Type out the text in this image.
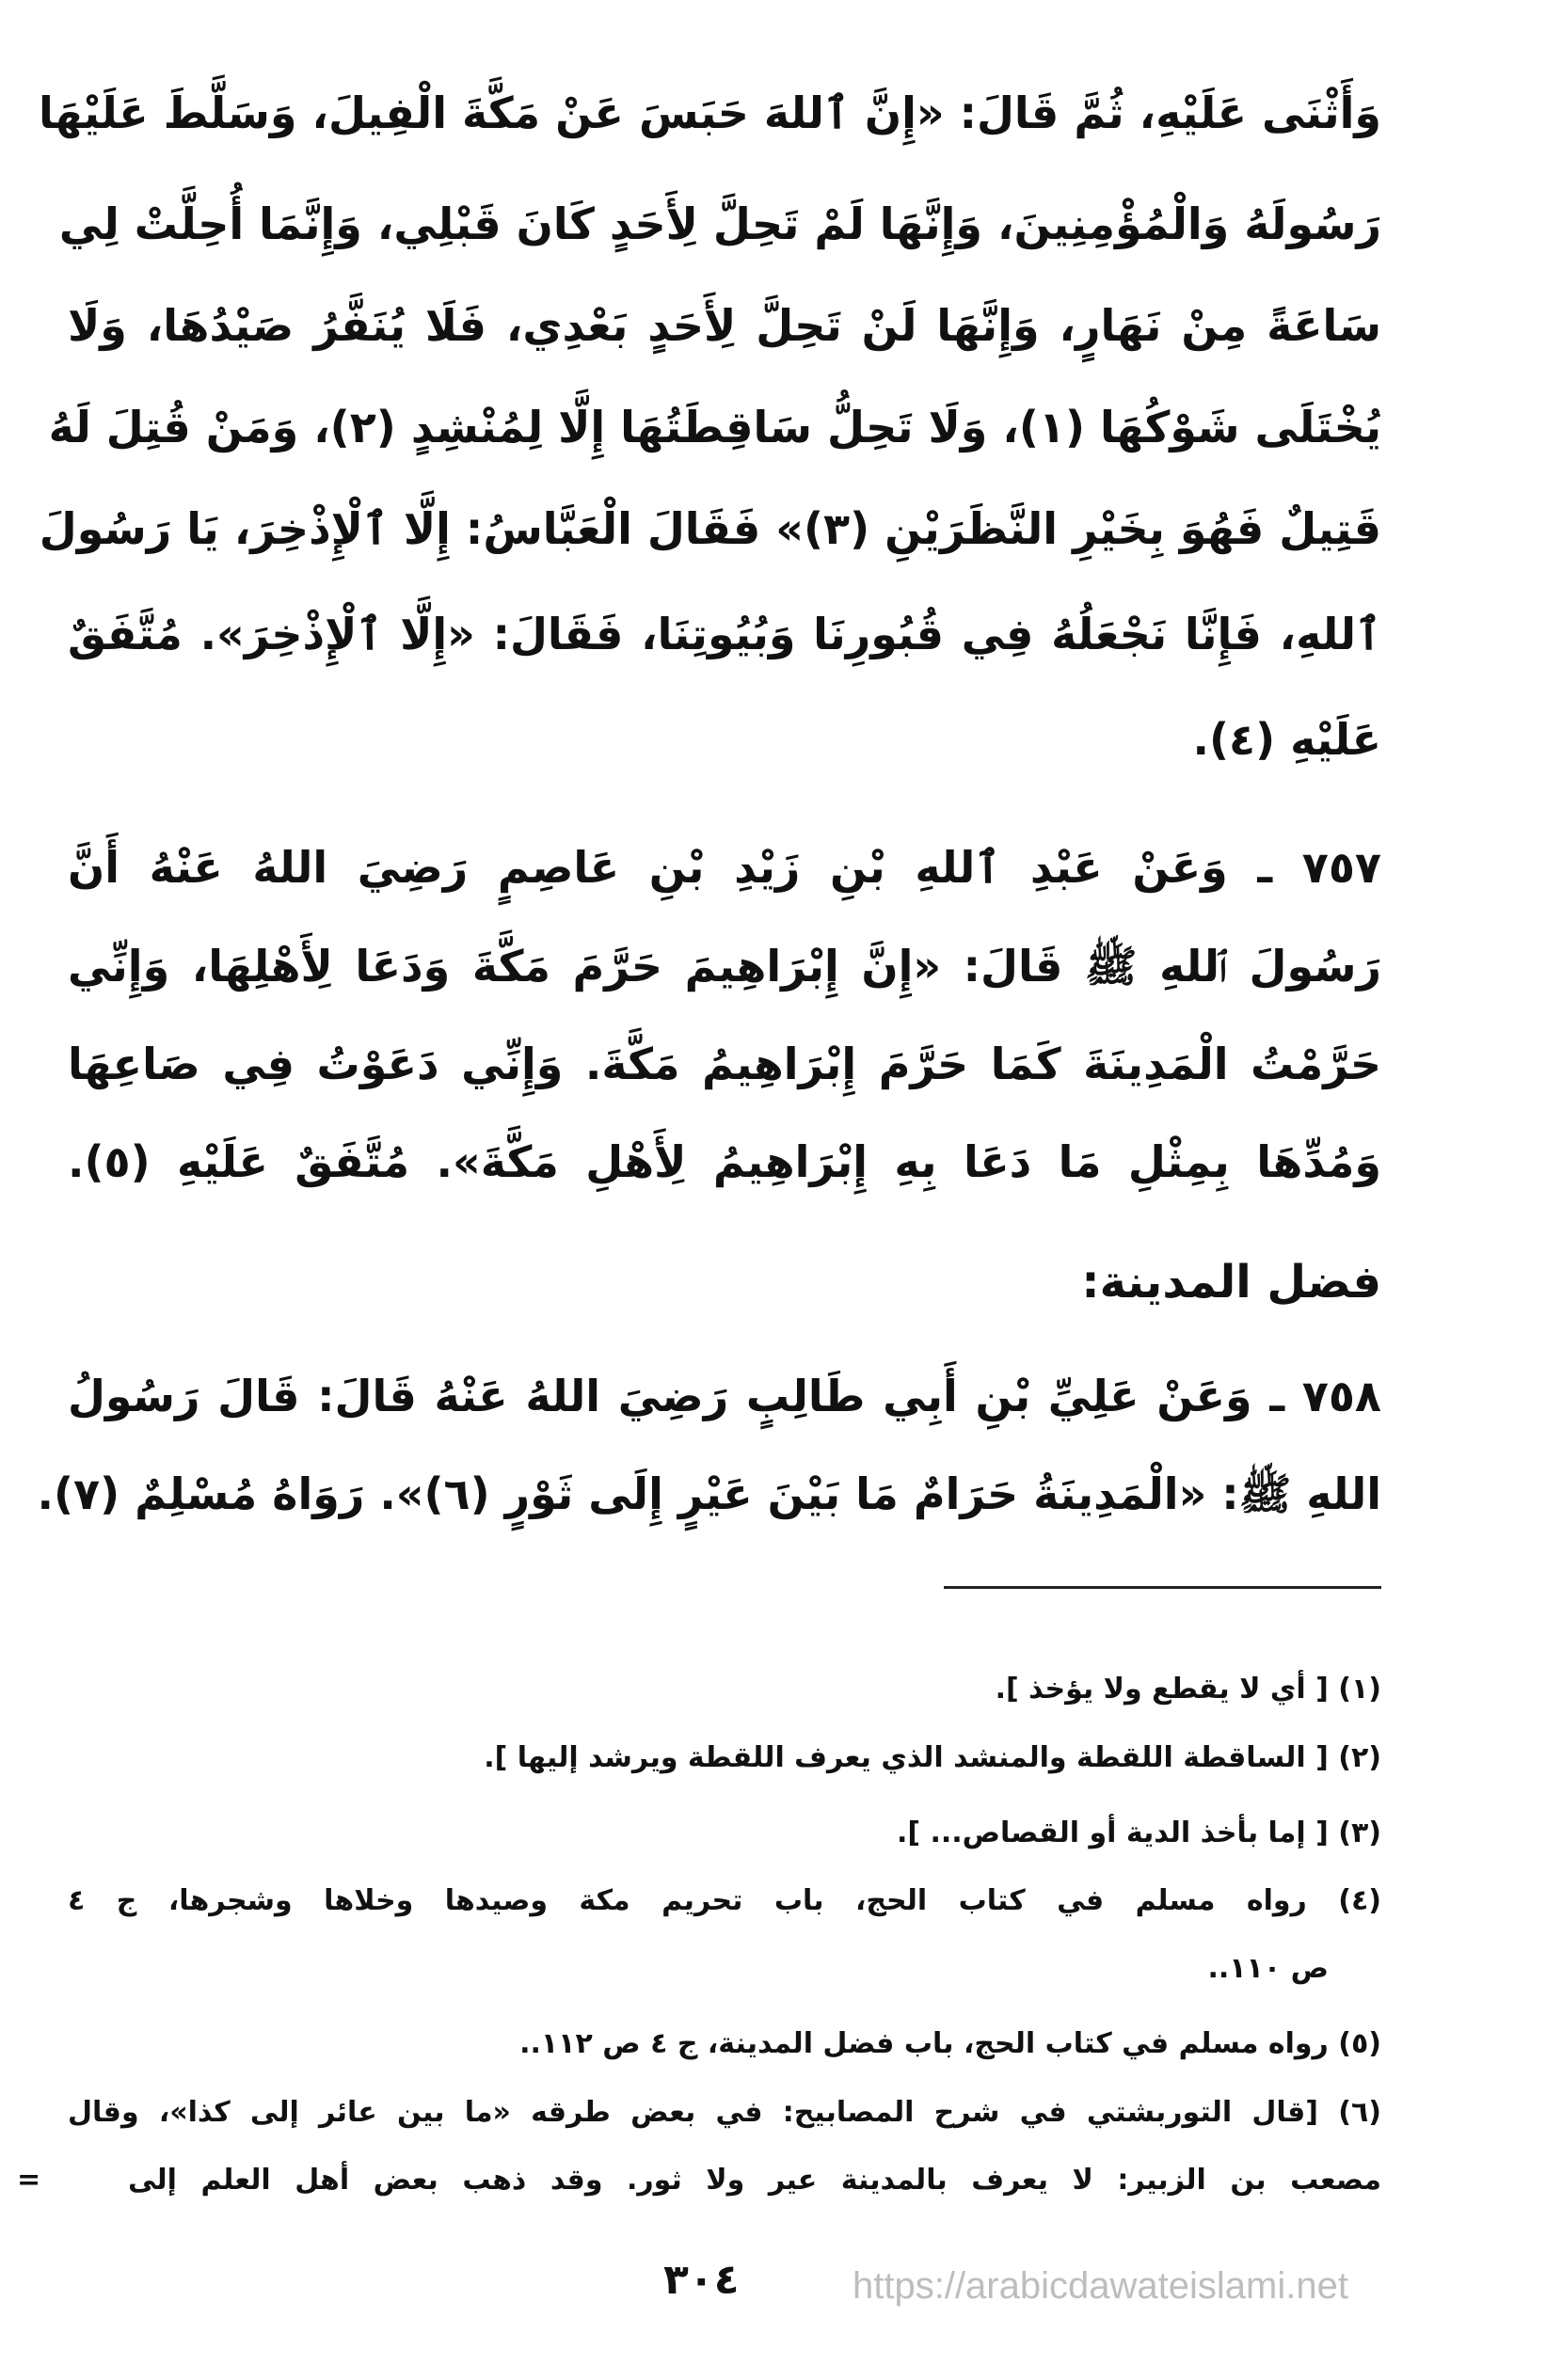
وَأَثْنَى عَلَيْهِ، ثُمَّ قَالَ: «إِنَّ ٱللهَ حَبَسَ عَنْ مَكَّةَ الْفِيلَ، وَسَلَّطَ عَلَيْهَا
رَسُولَهُ وَالْمُؤْمِنِينَ، وَإِنَّهَا لَمْ تَحِلَّ لِأَحَدٍ كَانَ قَبْلِي، وَإِنَّمَا أُحِلَّتْ لِي
سَاعَةً مِنْ نَهَارٍ، وَإِنَّهَا لَنْ تَحِلَّ لِأَحَدٍ بَعْدِي، فَلَا يُنَفَّرُ صَيْدُهَا، وَلَا
يُخْتَلَى شَوْكُهَا (١)، وَلَا تَحِلُّ سَاقِطَتُهَا إِلَّا لِمُنْشِدٍ (٢)، وَمَنْ قُتِلَ لَهُ
قَتِيلٌ فَهُوَ بِخَيْرِ النَّظَرَيْنِ (٣)» فَقَالَ الْعَبَّاسُ: إِلَّا ٱلْإِذْخِرَ، يَا رَسُولَ
ٱللهِ، فَإِنَّا نَجْعَلُهُ فِي قُبُورِنَا وَبُيُوتِنَا، فَقَالَ: «إِلَّا ٱلْإِذْخِرَ». مُتَّفَقٌ
عَلَيْهِ (٤).
٧٥٧ ـ وَعَنْ عَبْدِ ٱللهِ بْنِ زَيْدِ بْنِ عَاصِمٍ رَضِيَ اللهُ عَنْهُ أَنَّ
رَسُولَ ٱللهِ ﷺ قَالَ: «إِنَّ إِبْرَاهِيمَ حَرَّمَ مَكَّةَ وَدَعَا لِأَهْلِهَا، وَإِنِّي
حَرَّمْتُ الْمَدِينَةَ كَمَا حَرَّمَ إِبْرَاهِيمُ مَكَّةَ. وَإِنِّي دَعَوْتُ فِي صَاعِهَا
وَمُدِّهَا بِمِثْلِ مَا دَعَا بِهِ إِبْرَاهِيمُ لِأَهْلِ مَكَّةَ». مُتَّفَقٌ عَلَيْهِ (٥).
فضل المدينة:
٧٥٨ ـ وَعَنْ عَلِيِّ بْنِ أَبِي طَالِبٍ رَضِيَ اللهُ عَنْهُ قَالَ: قَالَ رَسُولُ
اللهِ ﷺ: «الْمَدِينَةُ حَرَامٌ مَا بَيْنَ عَيْرٍ إِلَى ثَوْرٍ (٦)». رَوَاهُ مُسْلِمٌ (٧).
(١) [ أي لا يقطع ولا يؤخذ ].
(٢) [ الساقطة اللقطة والمنشد الذي يعرف اللقطة ويرشد إليها ].
(٣) [ إما بأخذ الدية أو القصاص... ].
(٤) رواه مسلم في كتاب الحج، باب تحريم مكة وصيدها وخلاها وشجرها، ج ٤
ص ١١٠..
(٥) رواه مسلم في كتاب الحج، باب فضل المدينة، ج ٤ ص ١١٢..
(٦) [قال التوربشتي في شرح المصابيح: في بعض طرقه «ما بين عائر إلى كذا»، وقال
مصعب بن الزبير: لا يعرف بالمدينة عير ولا ثور. وقد ذهب بعض أهل العلم إلى
=
٣٠٤	https://arabicdawateislami.net
